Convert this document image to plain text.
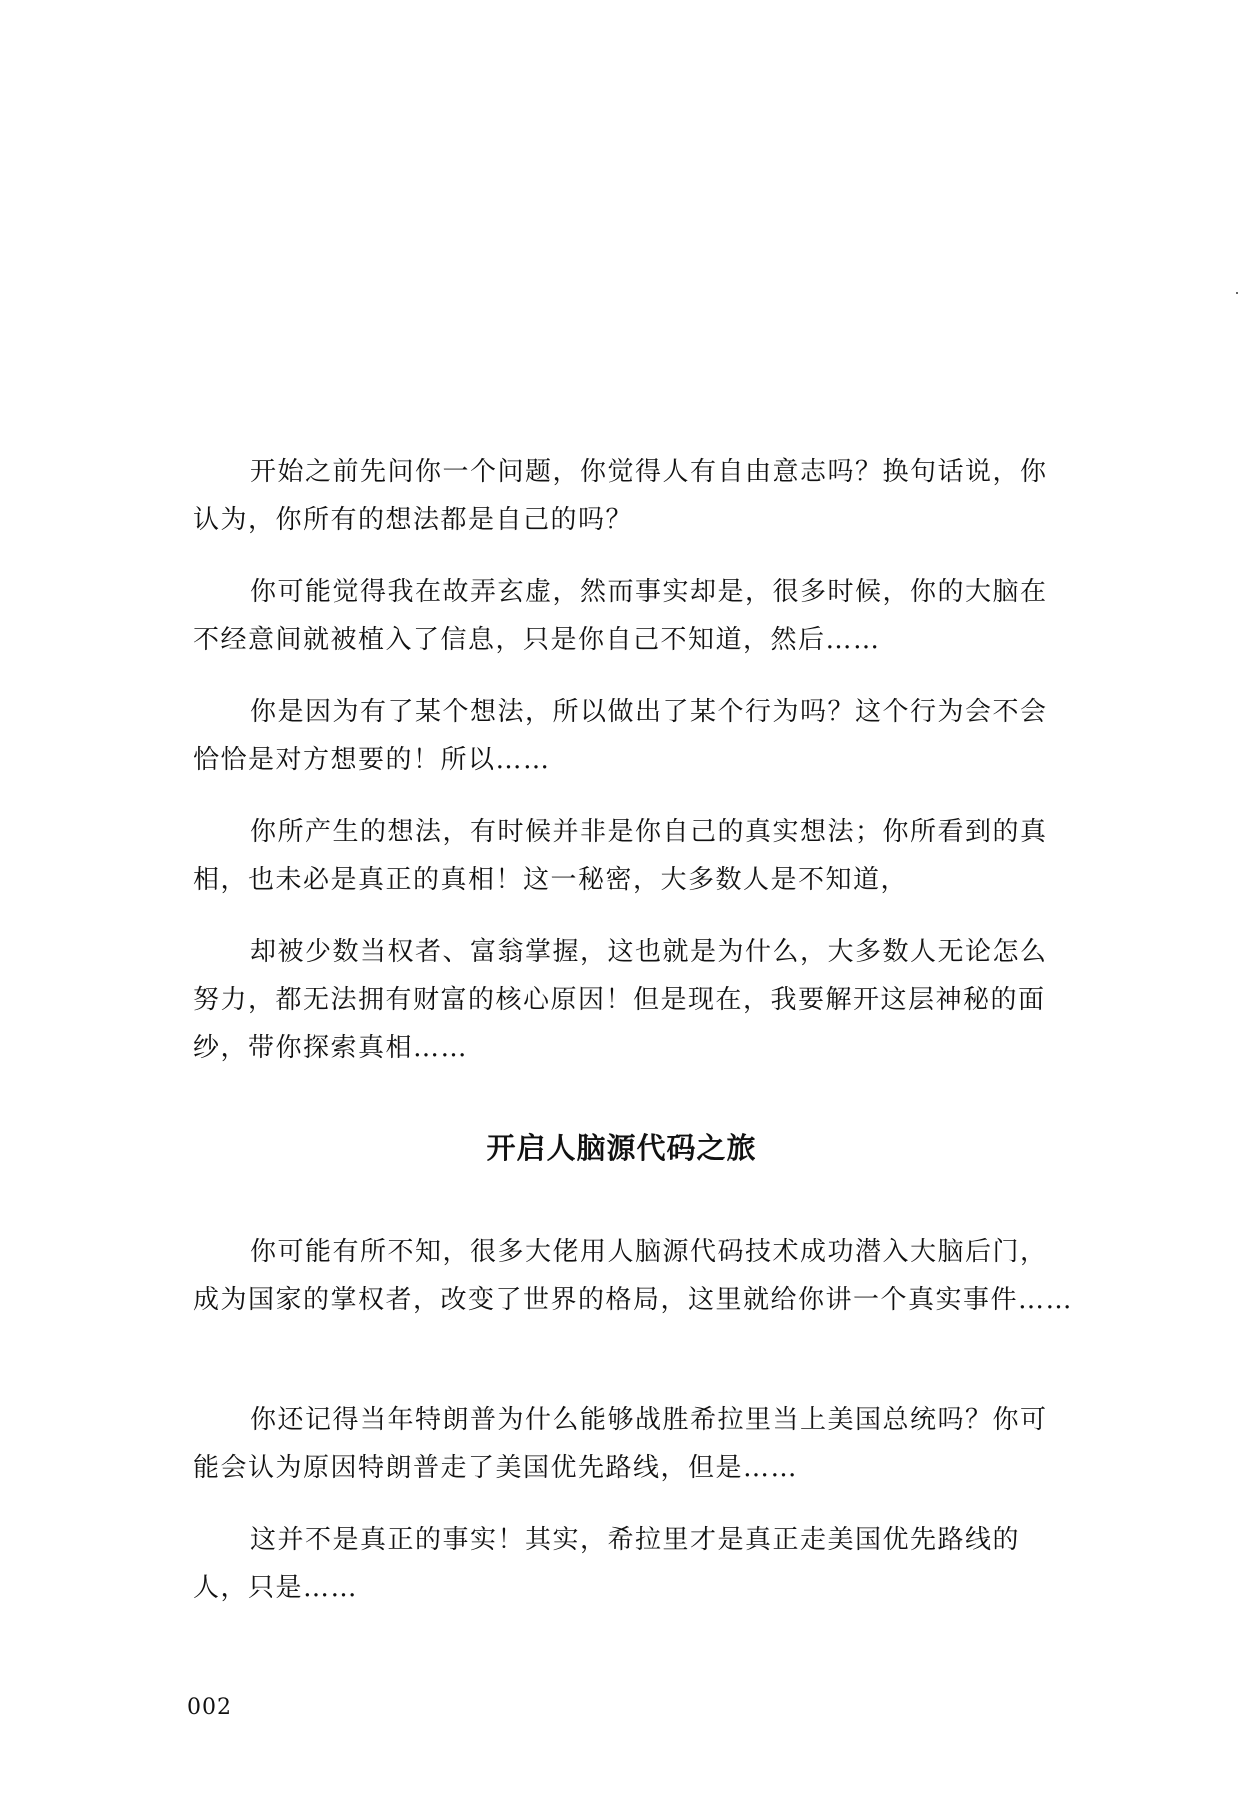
开始之前先问你一个问题，你觉得人有自由意志吗？换句话说，你认为，你所有的想法都是自己的吗？

你可能觉得我在故弄玄虚，然而事实却是，很多时候，你的大脑在不经意间就被植入了信息，只是你自己不知道，然后……

你是因为有了某个想法，所以做出了某个行为吗？这个行为会不会恰恰是对方想要的！所以……

你所产生的想法，有时候并非是你自己的真实想法；你所看到的真相，也未必是真正的真相！这一秘密，大多数人是不知道，

却被少数当权者、富翁掌握，这也就是为什么，大多数人无论怎么努力，都无法拥有财富的核心原因！但是现在，我要解开这层神秘的面纱，带你探索真相……

开启人脑源代码之旅

你可能有所不知，很多大佬用人脑源代码技术成功潜入大脑后门，成为国家的掌权者，改变了世界的格局，这里就给你讲一个真实事件……

你还记得当年特朗普为什么能够战胜希拉里当上美国总统吗？你可能会认为原因特朗普走了美国优先路线，但是……

这并不是真正的事实！其实，希拉里才是真正走美国优先路线的人，只是……

002
